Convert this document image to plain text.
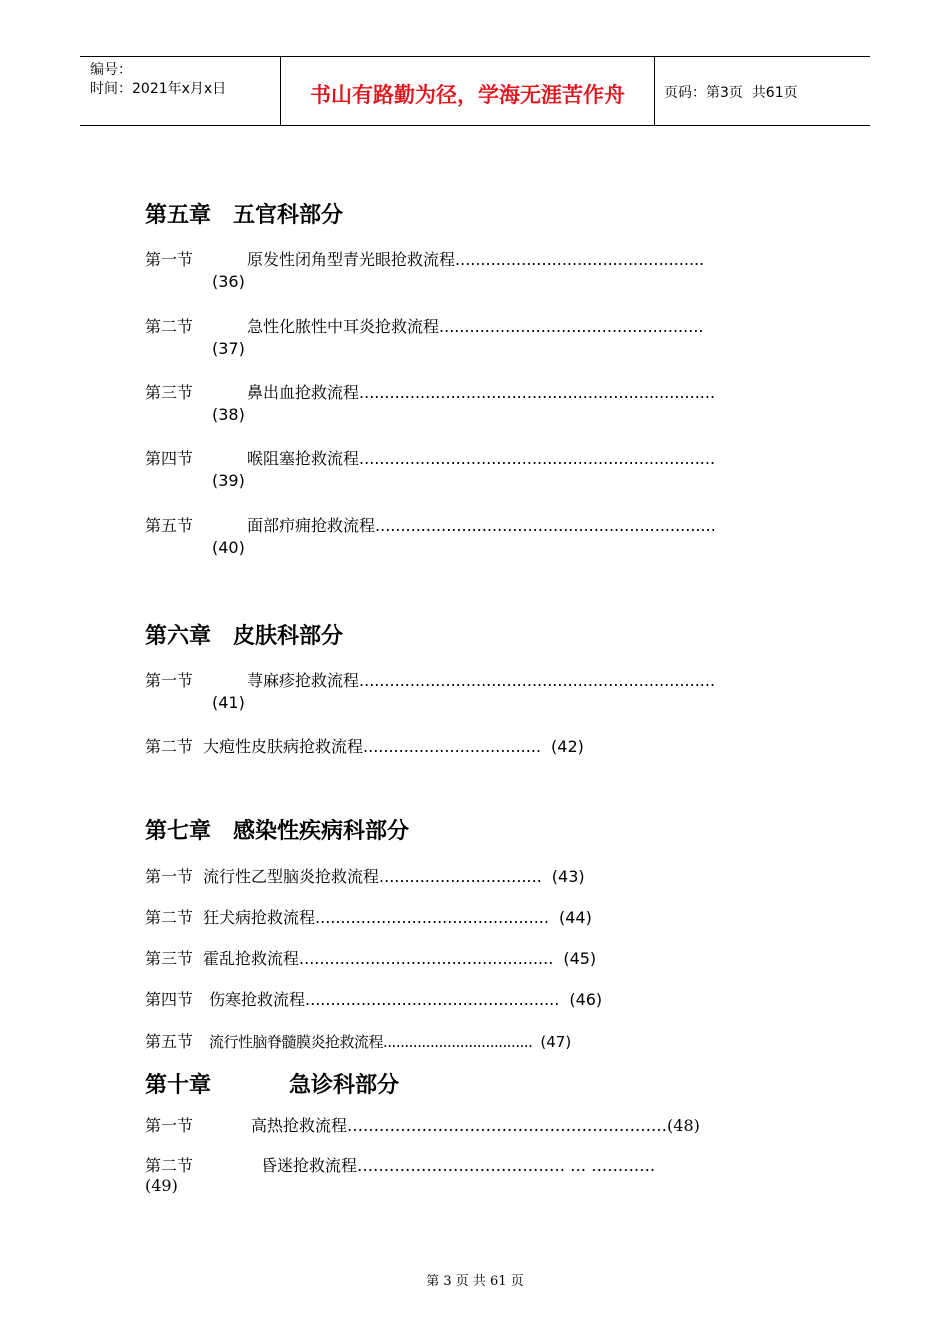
编号：
时间：2021年x月x日	书山有路勤为径，学海无涯苦作舟	页码：第3页  共61页
第五章　五官科部分
第一节	原发性闭角型青光眼抢救流程.................................................
(36)
第二节	急性化脓性中耳炎抢救流程....................................................
(37)
第三节	鼻出血抢救流程......................................................................
(38)
第四节	喉阻塞抢救流程......................................................................
(39)
第五节	面部疖痈抢救流程...................................................................
(40)
第六章　皮肤科部分
第一节	荨麻疹抢救流程......................................................................
(41)
第二节 大疱性皮肤病抢救流程................................... (42)
第七章　感染性疾病科部分
第一节 流行性乙型脑炎抢救流程................................ (43)
第二节 狂犬病抢救流程.............................................. (44)
第三节 霍乱抢救流程.................................................. (45)
第四节 伤寒抢救流程.................................................. (46)
第五节 流行性脑脊髓膜炎抢救流程................................... (47)
第十章	急诊科部分
第一节	高热抢救流程……………………………………………………(48)
第二节	昏迷抢救流程………………………………… … …………
(49)
第 3 页 共 61 页
